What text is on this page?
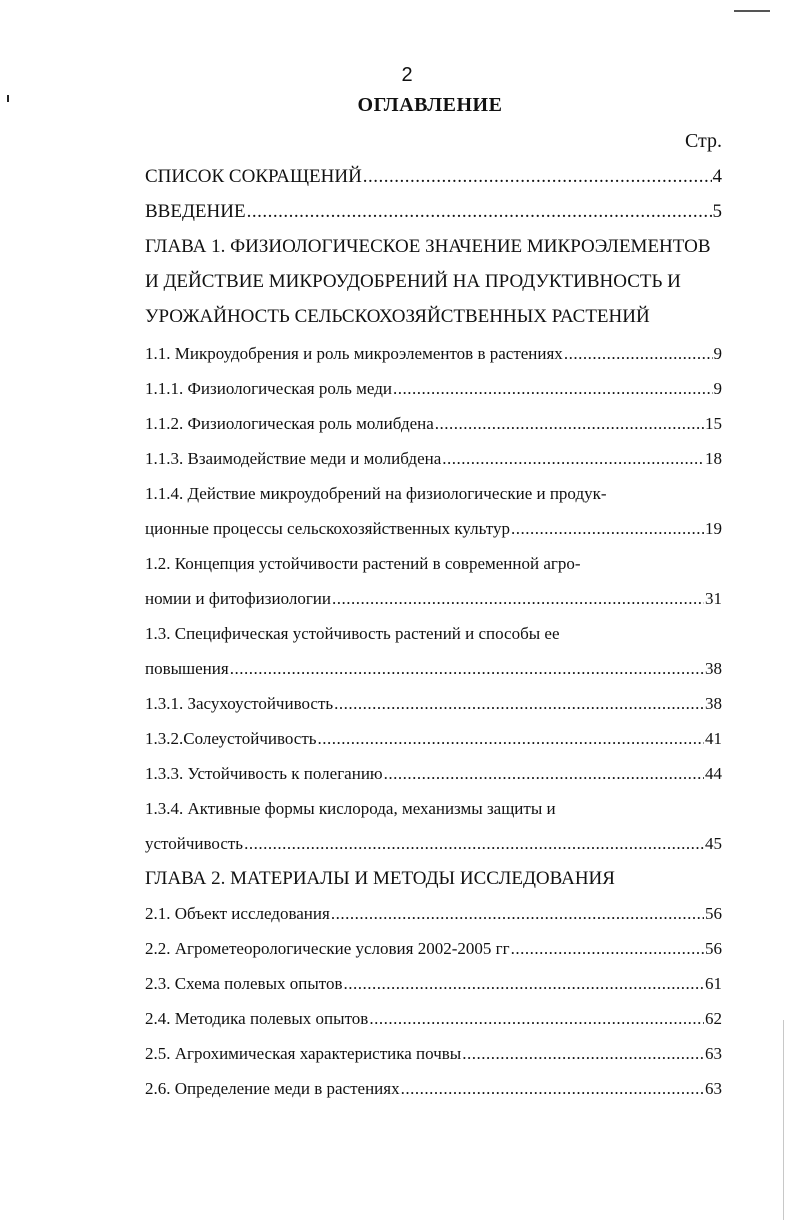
2
ОГЛАВЛЕНИЕ
Стр.
СПИСОК СОКРАЩЕНИЙ .....	4
ВВЕДЕНИЕ .....	5
ГЛАВА 1. ФИЗИОЛОГИЧЕСКОЕ ЗНАЧЕНИЕ МИКРОЭЛЕМЕНТОВ
И ДЕЙСТВИЕ МИКРОУДОБРЕНИЙ НА ПРОДУКТИВНОСТЬ И
УРОЖАЙНОСТЬ СЕЛЬСКОХОЗЯЙСТВЕННЫХ РАСТЕНИЙ
1.1. Микроудобрения и роль микроэлементов в растениях .....	9
1.1.1. Физиологическая роль меди .....	9
1.1.2. Физиологическая роль молибдена .....	15
1.1.3. Взаимодействие меди и молибдена .....	18
1.1.4. Действие микроудобрений на физиологические и продук-
ционные процессы сельскохозяйственных культур .....	19
1.2. Концепция устойчивости растений в современной агро-
номии и фитофизиологии .....	31
1.3. Специфическая устойчивость растений и способы ее
повышения .....	38
1.3.1. Засухоустойчивость .....	38
1.3.2.Солеустойчивость .....	41
1.3.3. Устойчивость к полеганию .....	44
1.3.4. Активные формы кислорода, механизмы защиты и
устойчивость .....	45
ГЛАВА 2. МАТЕРИАЛЫ И МЕТОДЫ ИССЛЕДОВАНИЯ
2.1. Объект исследования .....	56
2.2. Агрометеорологические условия 2002-2005 гг .....	56
2.3. Схема полевых опытов .....	61
2.4. Методика полевых опытов .....	62
2.5. Агрохимическая характеристика почвы .....	63
2.6. Определение меди в растениях .....	63
